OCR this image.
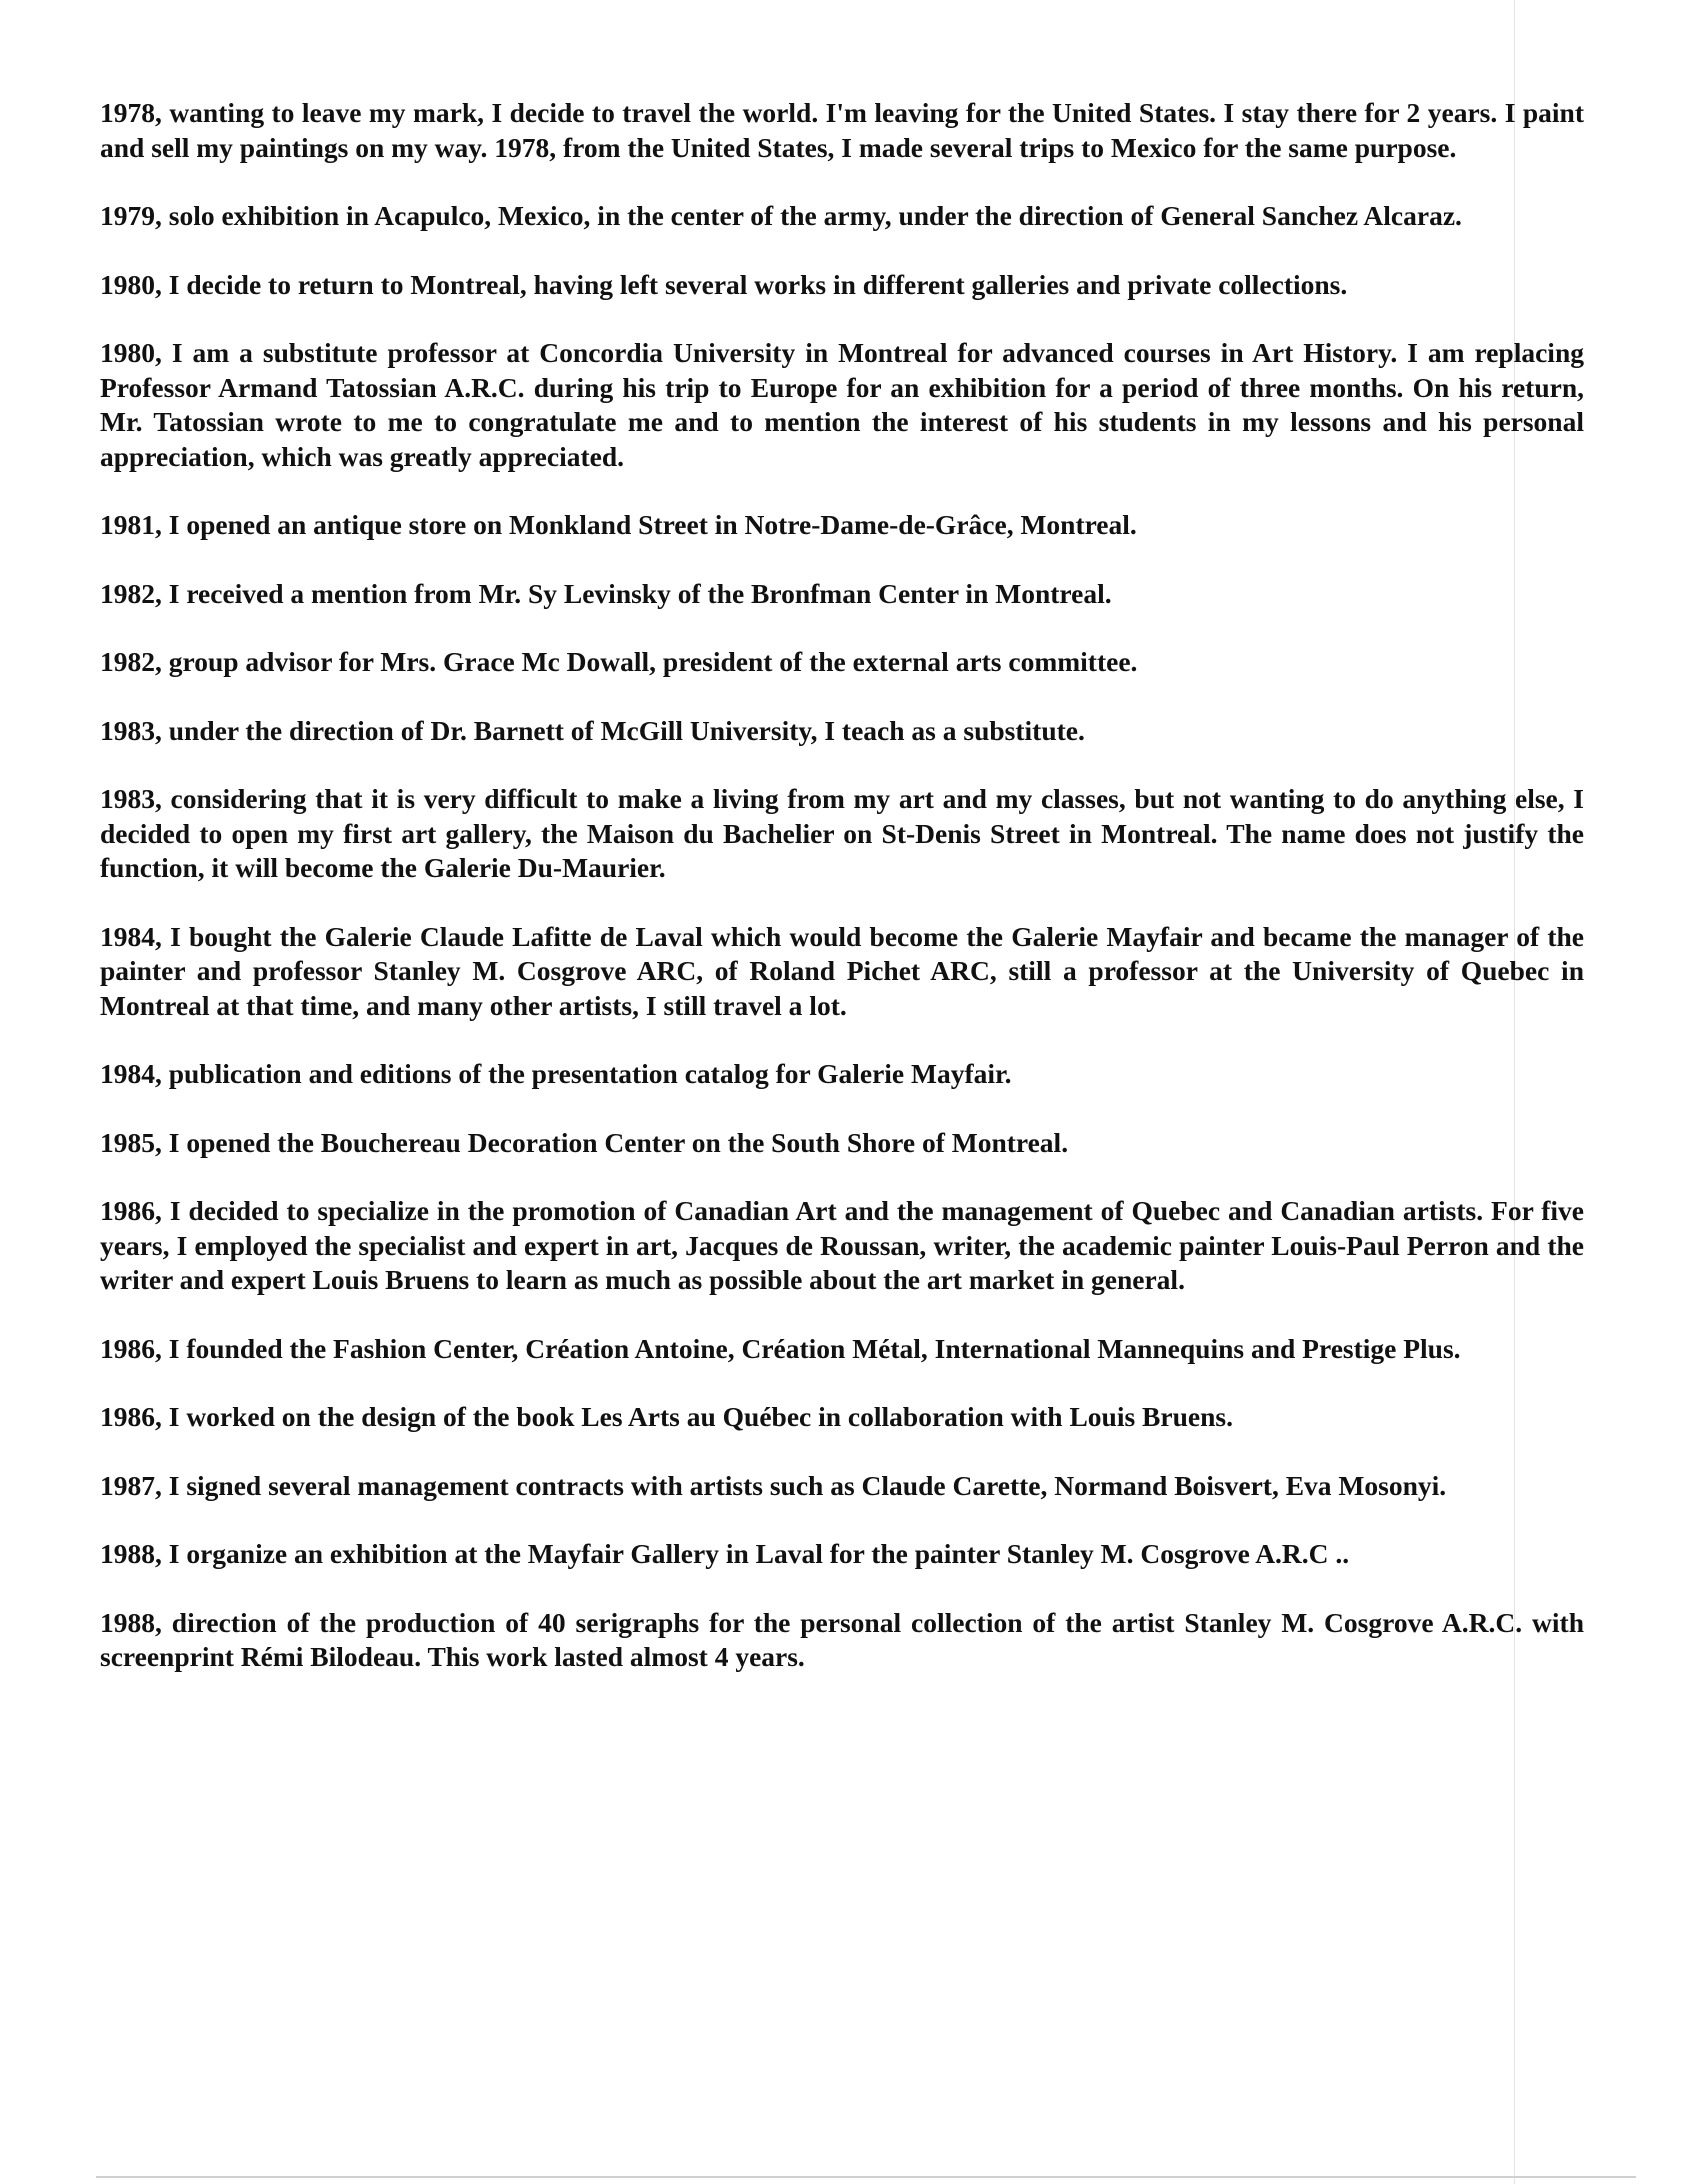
1978, wanting to leave my mark, I decide to travel the world. I'm leaving for the United States. I stay there for 2 years. I paint and sell my paintings on my way. 1978, from the United States, I made several trips to Mexico for the same purpose.

1979, solo exhibition in Acapulco, Mexico, in the center of the army, under the direction of General Sanchez Alcaraz.

1980, I decide to return to Montreal, having left several works in different galleries and private collections.

1980, I am a substitute professor at Concordia University in Montreal for advanced courses in Art History. I am replacing Professor Armand Tatossian A.R.C. during his trip to Europe for an exhibition for a period of three months. On his return, Mr. Tatossian wrote to me to congratulate me and to mention the interest of his students in my lessons and his personal appreciation, which was greatly appreciated.

1981, I opened an antique store on Monkland Street in Notre-Dame-de-Grâce, Montreal.

1982, I received a mention from Mr. Sy Levinsky of the Bronfman Center in Montreal.

1982, group advisor for Mrs. Grace Mc Dowall, president of the external arts committee.

1983, under the direction of Dr. Barnett of McGill University, I teach as a substitute.

1983, considering that it is very difficult to make a living from my art and my classes, but not wanting to do anything else, I decided to open my first art gallery, the Maison du Bachelier on St-Denis Street in Montreal. The name does not justify the function, it will become the Galerie Du-Maurier.

1984, I bought the Galerie Claude Lafitte de Laval which would become the Galerie Mayfair and became the manager of the painter and professor Stanley M. Cosgrove ARC, of Roland Pichet ARC, still a professor at the University of Quebec in Montreal at that time, and many other artists, I still travel a lot.

1984, publication and editions of the presentation catalog for Galerie Mayfair.

1985, I opened the Bouchereau Decoration Center on the South Shore of Montreal.

1986, I decided to specialize in the promotion of Canadian Art and the management of Quebec and Canadian artists. For five years, I employed the specialist and expert in art, Jacques de Roussan, writer, the academic painter Louis-Paul Perron and the writer and expert Louis Bruens to learn as much as possible about the art market in general.

1986, I founded the Fashion Center, Création Antoine, Création Métal, International Mannequins and Prestige Plus.

1986, I worked on the design of the book Les Arts au Québec in collaboration with Louis Bruens.

1987, I signed several management contracts with artists such as Claude Carette, Normand Boisvert, Eva Mosonyi.

1988, I organize an exhibition at the Mayfair Gallery in Laval for the painter Stanley M. Cosgrove A.R.C ..

1988, direction of the production of 40 serigraphs for the personal collection of the artist Stanley M. Cosgrove A.R.C. with screenprint Rémi Bilodeau. This work lasted almost 4 years.
